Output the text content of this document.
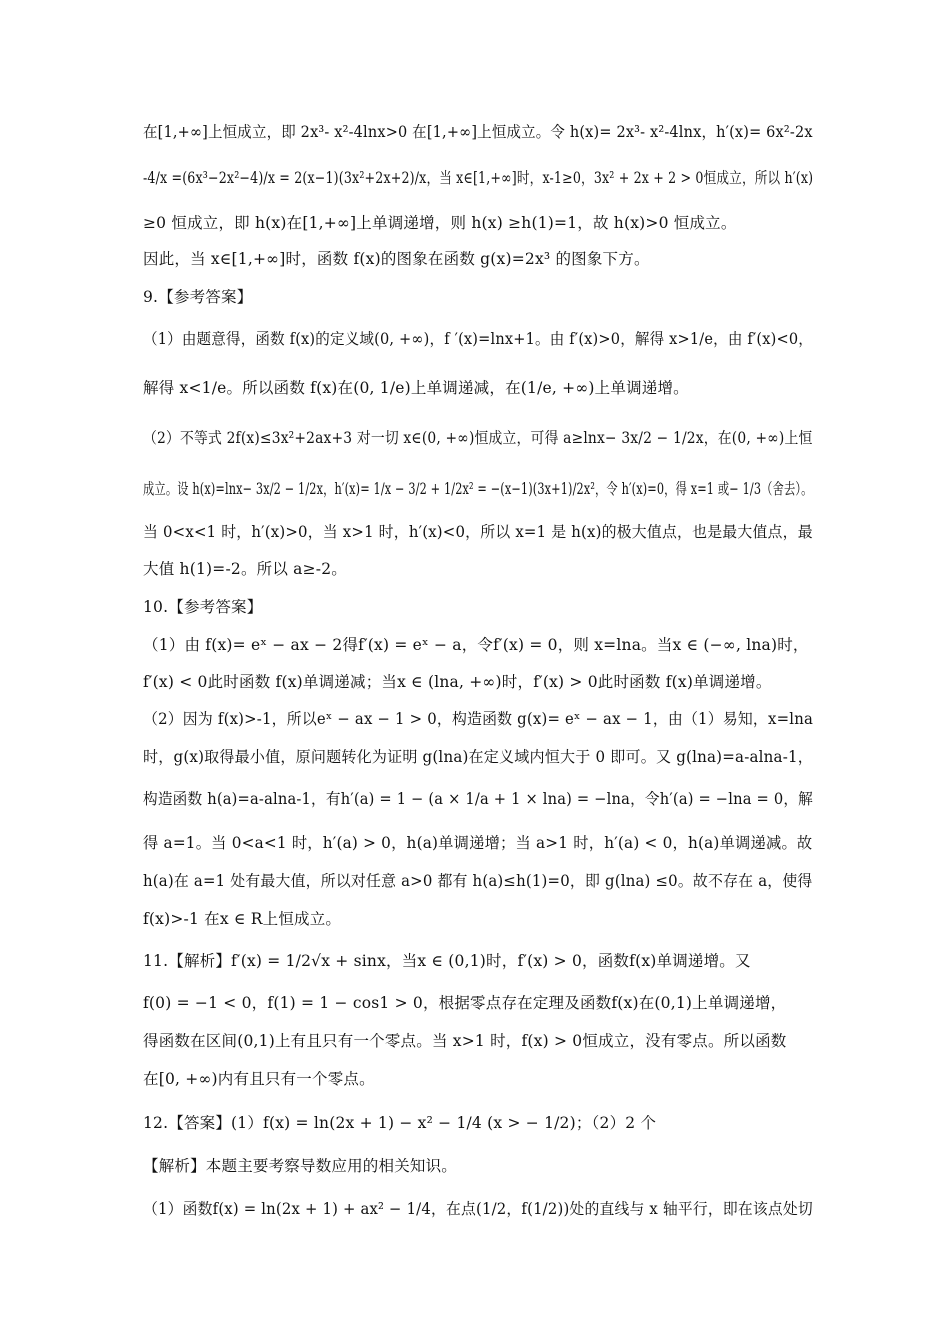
在[1,+∞]上恒成立，即 2x³- x²-4lnx>0 在[1,+∞]上恒成立。令 h(x)= 2x³- x²-4lnx，h′(x)= 6x²-2x
-4/x =(6x³−2x²−4)/x = 2(x−1)(3x²+2x+2)/x，当 x∈[1,+∞]时，x-1≥0，3x² + 2x + 2 > 0恒成立，所以 h′(x)
≥0 恒成立，即 h(x)在[1,+∞]上单调递增，则 h(x) ≥h(1)=1，故 h(x)>0 恒成立。
因此，当 x∈[1,+∞]时，函数 f(x)的图象在函数 g(x)=2x³ 的图象下方。
9.【参考答案】
（1）由题意得，函数 f(x)的定义域(0, +∞)，f ′(x)=lnx+1。由 f′(x)>0，解得 x>1/e，由 f′(x)<0，
解得 x<1/e。所以函数 f(x)在(0, 1/e)上单调递减，在(1/e, +∞)上单调递增。
（2）不等式 2f(x)≤3x²+2ax+3 对一切 x∈(0, +∞)恒成立，可得 a≥lnx− 3x/2 − 1/2x，在(0, +∞)上恒
成立。设 h(x)=lnx− 3x/2 − 1/2x，h′(x)= 1/x − 3/2 + 1/2x² = −(x−1)(3x+1)/2x²，令 h′(x)=0，得 x=1 或− 1/3（舍去）。
当 0<x<1 时，h′(x)>0，当 x>1 时，h′(x)<0，所以 x=1 是 h(x)的极大值点，也是最大值点，最
大值 h(1)=-2。所以 a≥-2。
10.【参考答案】
（1）由 f(x)= eˣ − ax − 2得f′(x) = eˣ − a，令f′(x) = 0，则 x=lna。当x ∈ (−∞, lna)时，
f′(x) < 0此时函数 f(x)单调递减；当x ∈ (lna, +∞)时，f′(x) > 0此时函数 f(x)单调递增。
（2）因为 f(x)>-1，所以eˣ − ax − 1 > 0，构造函数 g(x)= eˣ − ax − 1，由（1）易知，x=lna
时，g(x)取得最小值，原问题转化为证明 g(lna)在定义域内恒大于 0 即可。又 g(lna)=a-alna-1，
构造函数 h(a)=a-alna-1，有h′(a) = 1 − (a × 1/a + 1 × lna) = −lna，令h′(a) = −lna = 0，解
得 a=1。当 0<a<1 时，h′(a) > 0，h(a)单调递增；当 a>1 时，h′(a) < 0，h(a)单调递减。故
h(a)在 a=1 处有最大值，所以对任意 a>0 都有 h(a)≤h(1)=0，即 g(lna) ≤0。故不存在 a，使得
f(x)>-1 在x ∈ R上恒成立。
11.【解析】f′(x) = 1/2√x + sinx，当x ∈ (0,1)时，f′(x) > 0，函数f(x)单调递增。又
f(0) = −1 < 0，f(1) = 1 − cos1 > 0，根据零点存在定理及函数f(x)在(0,1)上单调递增，
得函数在区间(0,1)上有且只有一个零点。当 x>1 时，f(x) > 0恒成立，没有零点。所以函数
在[0, +∞)内有且只有一个零点。
12.【答案】(1）f(x) = ln(2x + 1) − x² − 1/4 (x > − 1/2)；（2）2 个
【解析】本题主要考察导数应用的相关知识。
（1）函数f(x) = ln(2x + 1) + ax² − 1/4，在点(1/2，f(1/2))处的直线与 x 轴平行，即在该点处切
